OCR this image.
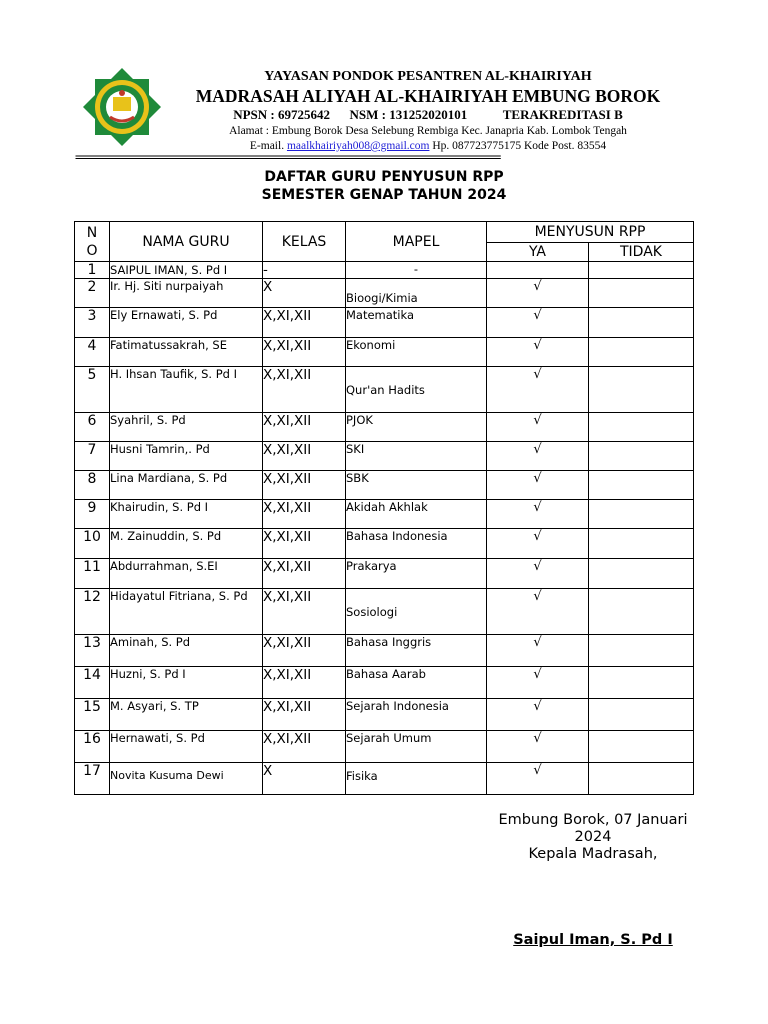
YAYASAN PONDOK PESANTREN AL-KHAIRIYAH
MADRASAH ALIYAH AL-KHAIRIYAH EMBUNG BOROK
NPSN : 69725642      NSM : 131252020101           TERAKREDITASI B
Alamat : Embung Borok Desa Selebung Rembiga Kec. Janapria Kab. Lombok Tengah
E-mail. maalkhairiyah008@gmail.com Hp. 087723775175 Kode Post. 83554
============================================================================
DAFTAR GURU PENYUSUN RPP
SEMESTER GENAP TAHUN 2024
N O	NAMA GURU	KELAS	MAPEL	MENYUSUN RPP	
				YA	TIDAK
1	SAIPUL IMAN, S. Pd I	-	-		
2	Ir. Hj. Siti nurpaiyah	X	Bioogi/Kimia	√	
3	Ely Ernawati, S. Pd	X,XI,XII	Matematika	√	
4	Fatimatussakrah, SE	X,XI,XII	Ekonomi	√	
5	H. Ihsan Taufik, S. Pd I	X,XI,XII	Qur'an Hadits	√	
6	Syahril, S. Pd	X,XI,XII	PJOK	√	
7	Husni Tamrin,. Pd	X,XI,XII	SKI	√	
8	Lina Mardiana, S. Pd	X,XI,XII	SBK	√	
9	Khairudin, S. Pd I	X,XI,XII	Akidah Akhlak	√	
10	M. Zainuddin, S. Pd	X,XI,XII	Bahasa Indonesia	√	
11	Abdurrahman, S.EI	X,XI,XII	Prakarya	√	
12	Hidayatul Fitriana, S. Pd	X,XI,XII	Sosiologi	√	
13	Aminah, S. Pd	X,XI,XII	Bahasa Inggris	√	
14	Huzni, S. Pd I	X,XI,XII	Bahasa Aarab	√	
15	M. Asyari, S. TP	X,XI,XII	Sejarah Indonesia	√	
16	Hernawati, S. Pd	X,XI,XII	Sejarah Umum	√	
17	Novita Kusuma Dewi	X	Fisika	√	
Embung Borok, 07 Januari 2024
Kepala Madrasah,
Saipul Iman, S. Pd I
